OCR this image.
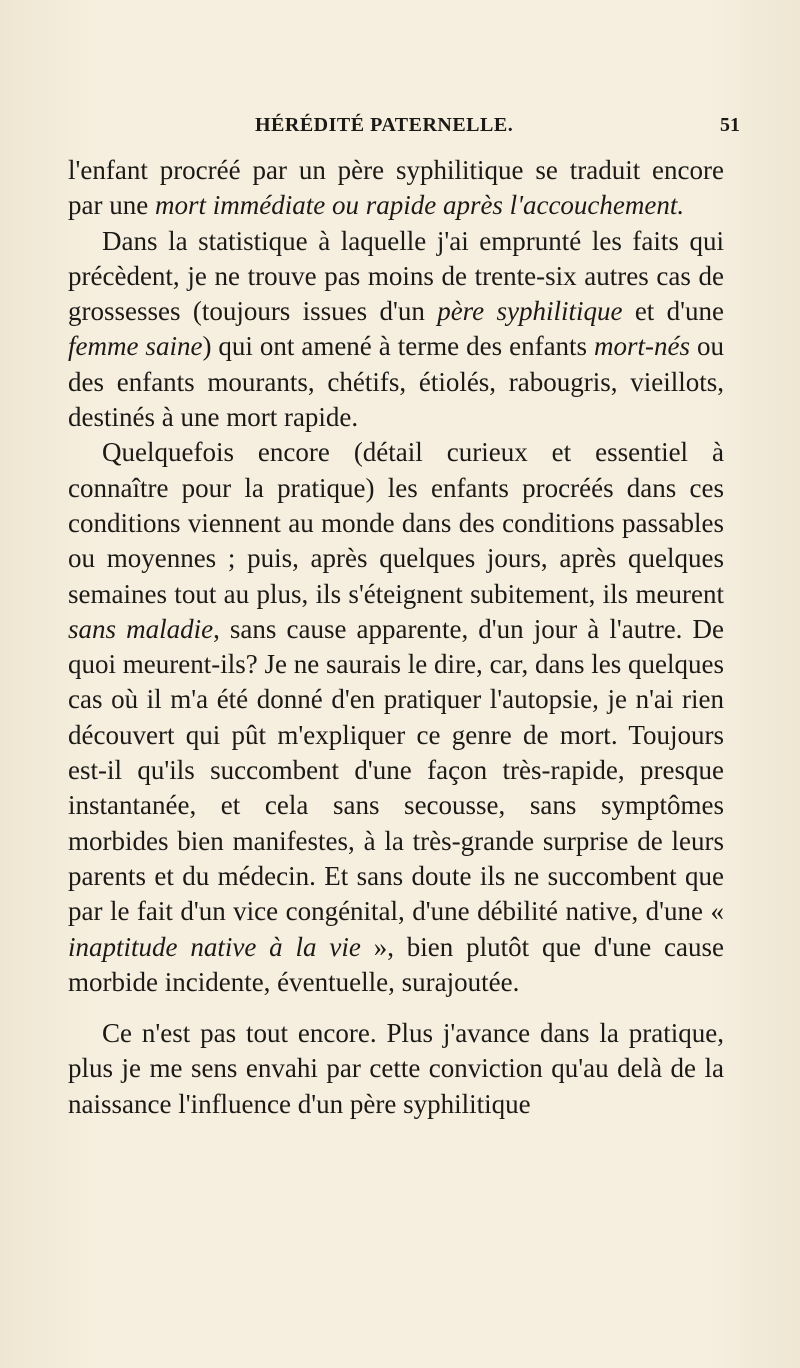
HÉRÉDITÉ PATERNELLE.	51

l'enfant procréé par un père syphilitique se traduit encore par une mort immédiate ou rapide après l'accouchement.

Dans la statistique à laquelle j'ai emprunté les faits qui précèdent, je ne trouve pas moins de trente-six autres cas de grossesses (toujours issues d'un père syphilitique et d'une femme saine) qui ont amené à terme des enfants mort-nés ou des enfants mourants, chétifs, étiolés, rabougris, vieillots, destinés à une mort rapide.

Quelquefois encore (détail curieux et essentiel à connaître pour la pratique) les enfants procréés dans ces conditions viennent au monde dans des conditions passables ou moyennes ; puis, après quelques jours, après quelques semaines tout au plus, ils s'éteignent subitement, ils meurent sans maladie, sans cause apparente, d'un jour à l'autre. De quoi meurent-ils? Je ne saurais le dire, car, dans les quelques cas où il m'a été donné d'en pratiquer l'autopsie, je n'ai rien découvert qui pût m'expliquer ce genre de mort. Toujours est-il qu'ils succombent d'une façon très-rapide, presque instantanée, et cela sans secousse, sans symptômes morbides bien manifestes, à la très-grande surprise de leurs parents et du médecin. Et sans doute ils ne succombent que par le fait d'un vice congénital, d'une débilité native, d'une « inaptitude native à la vie », bien plutôt que d'une cause morbide incidente, éventuelle, surajoutée.

Ce n'est pas tout encore. Plus j'avance dans la pratique, plus je me sens envahi par cette conviction qu'au delà de la naissance l'influence d'un père syphilitique
